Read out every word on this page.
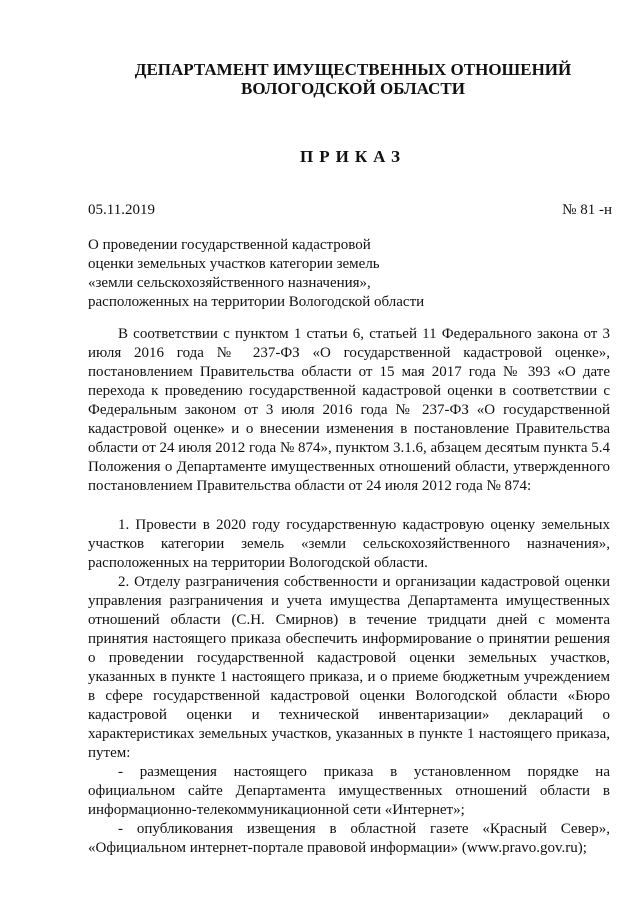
ДЕПАРТАМЕНТ ИМУЩЕСТВЕННЫХ ОТНОШЕНИЙ
ВОЛОГОДСКОЙ ОБЛАСТИ
ПРИКАЗ
05.11.2019	№ 81 -н
О проведении государственной кадастровой
оценки земельных участков категории земель
«земли сельскохозяйственного назначения»,
расположенных на территории Вологодской области

В соответствии с пунктом 1 статьи 6, статьей 11 Федерального закона от 3 июля 2016 года № 237-ФЗ «О государственной кадастровой оценке», постановлением Правительства области от 15 мая 2017 года № 393 «О дате перехода к проведению государственной кадастровой оценки в соответствии с Федеральным законом от 3 июля 2016 года № 237-ФЗ «О государственной кадастровой оценке» и о внесении изменения в постановление Правительства области от 24 июля 2012 года № 874», пунктом 3.1.6, абзацем десятым пункта 5.4 Положения о Департаменте имущественных отношений области, утвержденного постановлением Правительства области от 24 июля 2012 года № 874:

1. Провести в 2020 году государственную кадастровую оценку земельных участков категории земель «земли сельскохозяйственного назначения», расположенных на территории Вологодской области.

2. Отделу разграничения собственности и организации кадастровой оценки управления разграничения и учета имущества Департамента имущественных отношений области (С.Н. Смирнов) в течение тридцати дней с момента принятия настоящего приказа обеспечить информирование о принятии решения о проведении государственной кадастровой оценки земельных участков, указанных в пункте 1 настоящего приказа, и о приеме бюджетным учреждением в сфере государственной кадастровой оценки Вологодской области «Бюро кадастровой оценки и технической инвентаризации» деклараций о характеристиках земельных участков, указанных в пункте 1 настоящего приказа, путем:

- размещения настоящего приказа в установленном порядке на официальном сайте Департамента имущественных отношений области в информационно-телекоммуникационной сети «Интернет»;

- опубликования извещения в областной газете «Красный Север», «Официальном интернет-портале правовой информации» (www.pravo.gov.ru);
